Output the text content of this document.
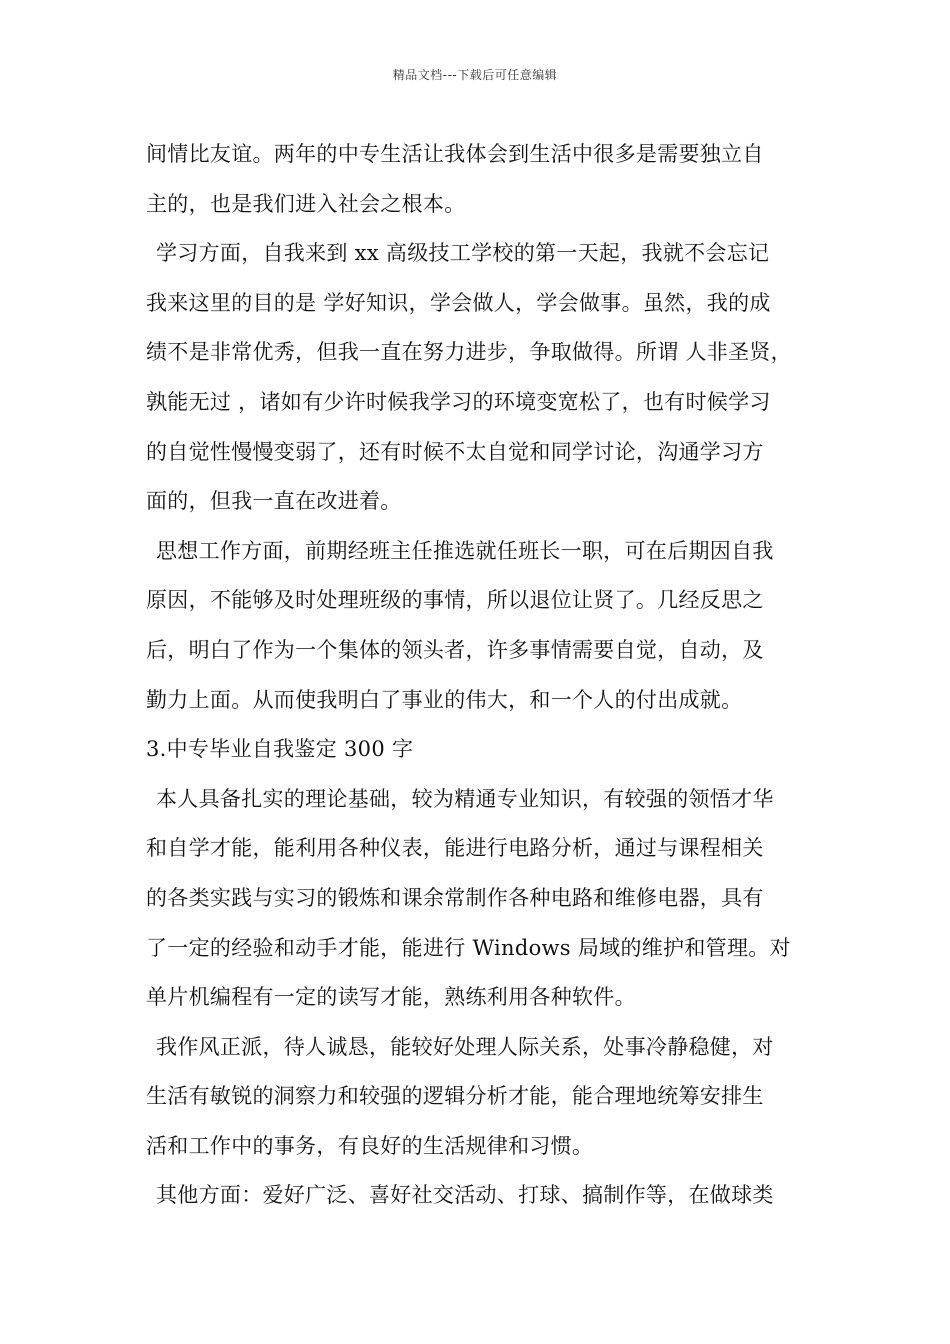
精品文档---下载后可任意编辑
间情比友谊。两年的中专生活让我体会到生活中很多是需要独立自
主的，也是我们进入社会之根本。
学习方面，自我来到 xx 高级技工学校的第一天起，我就不会忘记
我来这里的目的是 学好知识，学会做人，学会做事。虽然，我的成
绩不是非常优秀，但我一直在努力进步，争取做得。所谓 人非圣贤，
孰能无过 ，诸如有少许时候我学习的环境变宽松了，也有时候学习
的自觉性慢慢变弱了，还有时候不太自觉和同学讨论，沟通学习方
面的，但我一直在改进着。
思想工作方面，前期经班主任推选就任班长一职，可在后期因自我
原因，不能够及时处理班级的事情，所以退位让贤了。几经反思之
后，明白了作为一个集体的领头者，许多事情需要自觉，自动，及
勤力上面。从而使我明白了事业的伟大，和一个人的付出成就。
3.中专毕业自我鉴定 300 字
本人具备扎实的理论基础，较为精通专业知识，有较强的领悟才华
和自学才能，能利用各种仪表，能进行电路分析，通过与课程相关
的各类实践与实习的锻炼和课余常制作各种电路和维修电器，具有
了一定的经验和动手才能，能进行 Windows 局域的维护和管理。对
单片机编程有一定的读写才能，熟练利用各种软件。
我作风正派，待人诚恳，能较好处理人际关系，处事冷静稳健，对
生活有敏锐的洞察力和较强的逻辑分析才能，能合理地统筹安排生
活和工作中的事务，有良好的生活规律和习惯。
其他方面：爱好广泛、喜好社交活动、打球、搞制作等，在做球类
